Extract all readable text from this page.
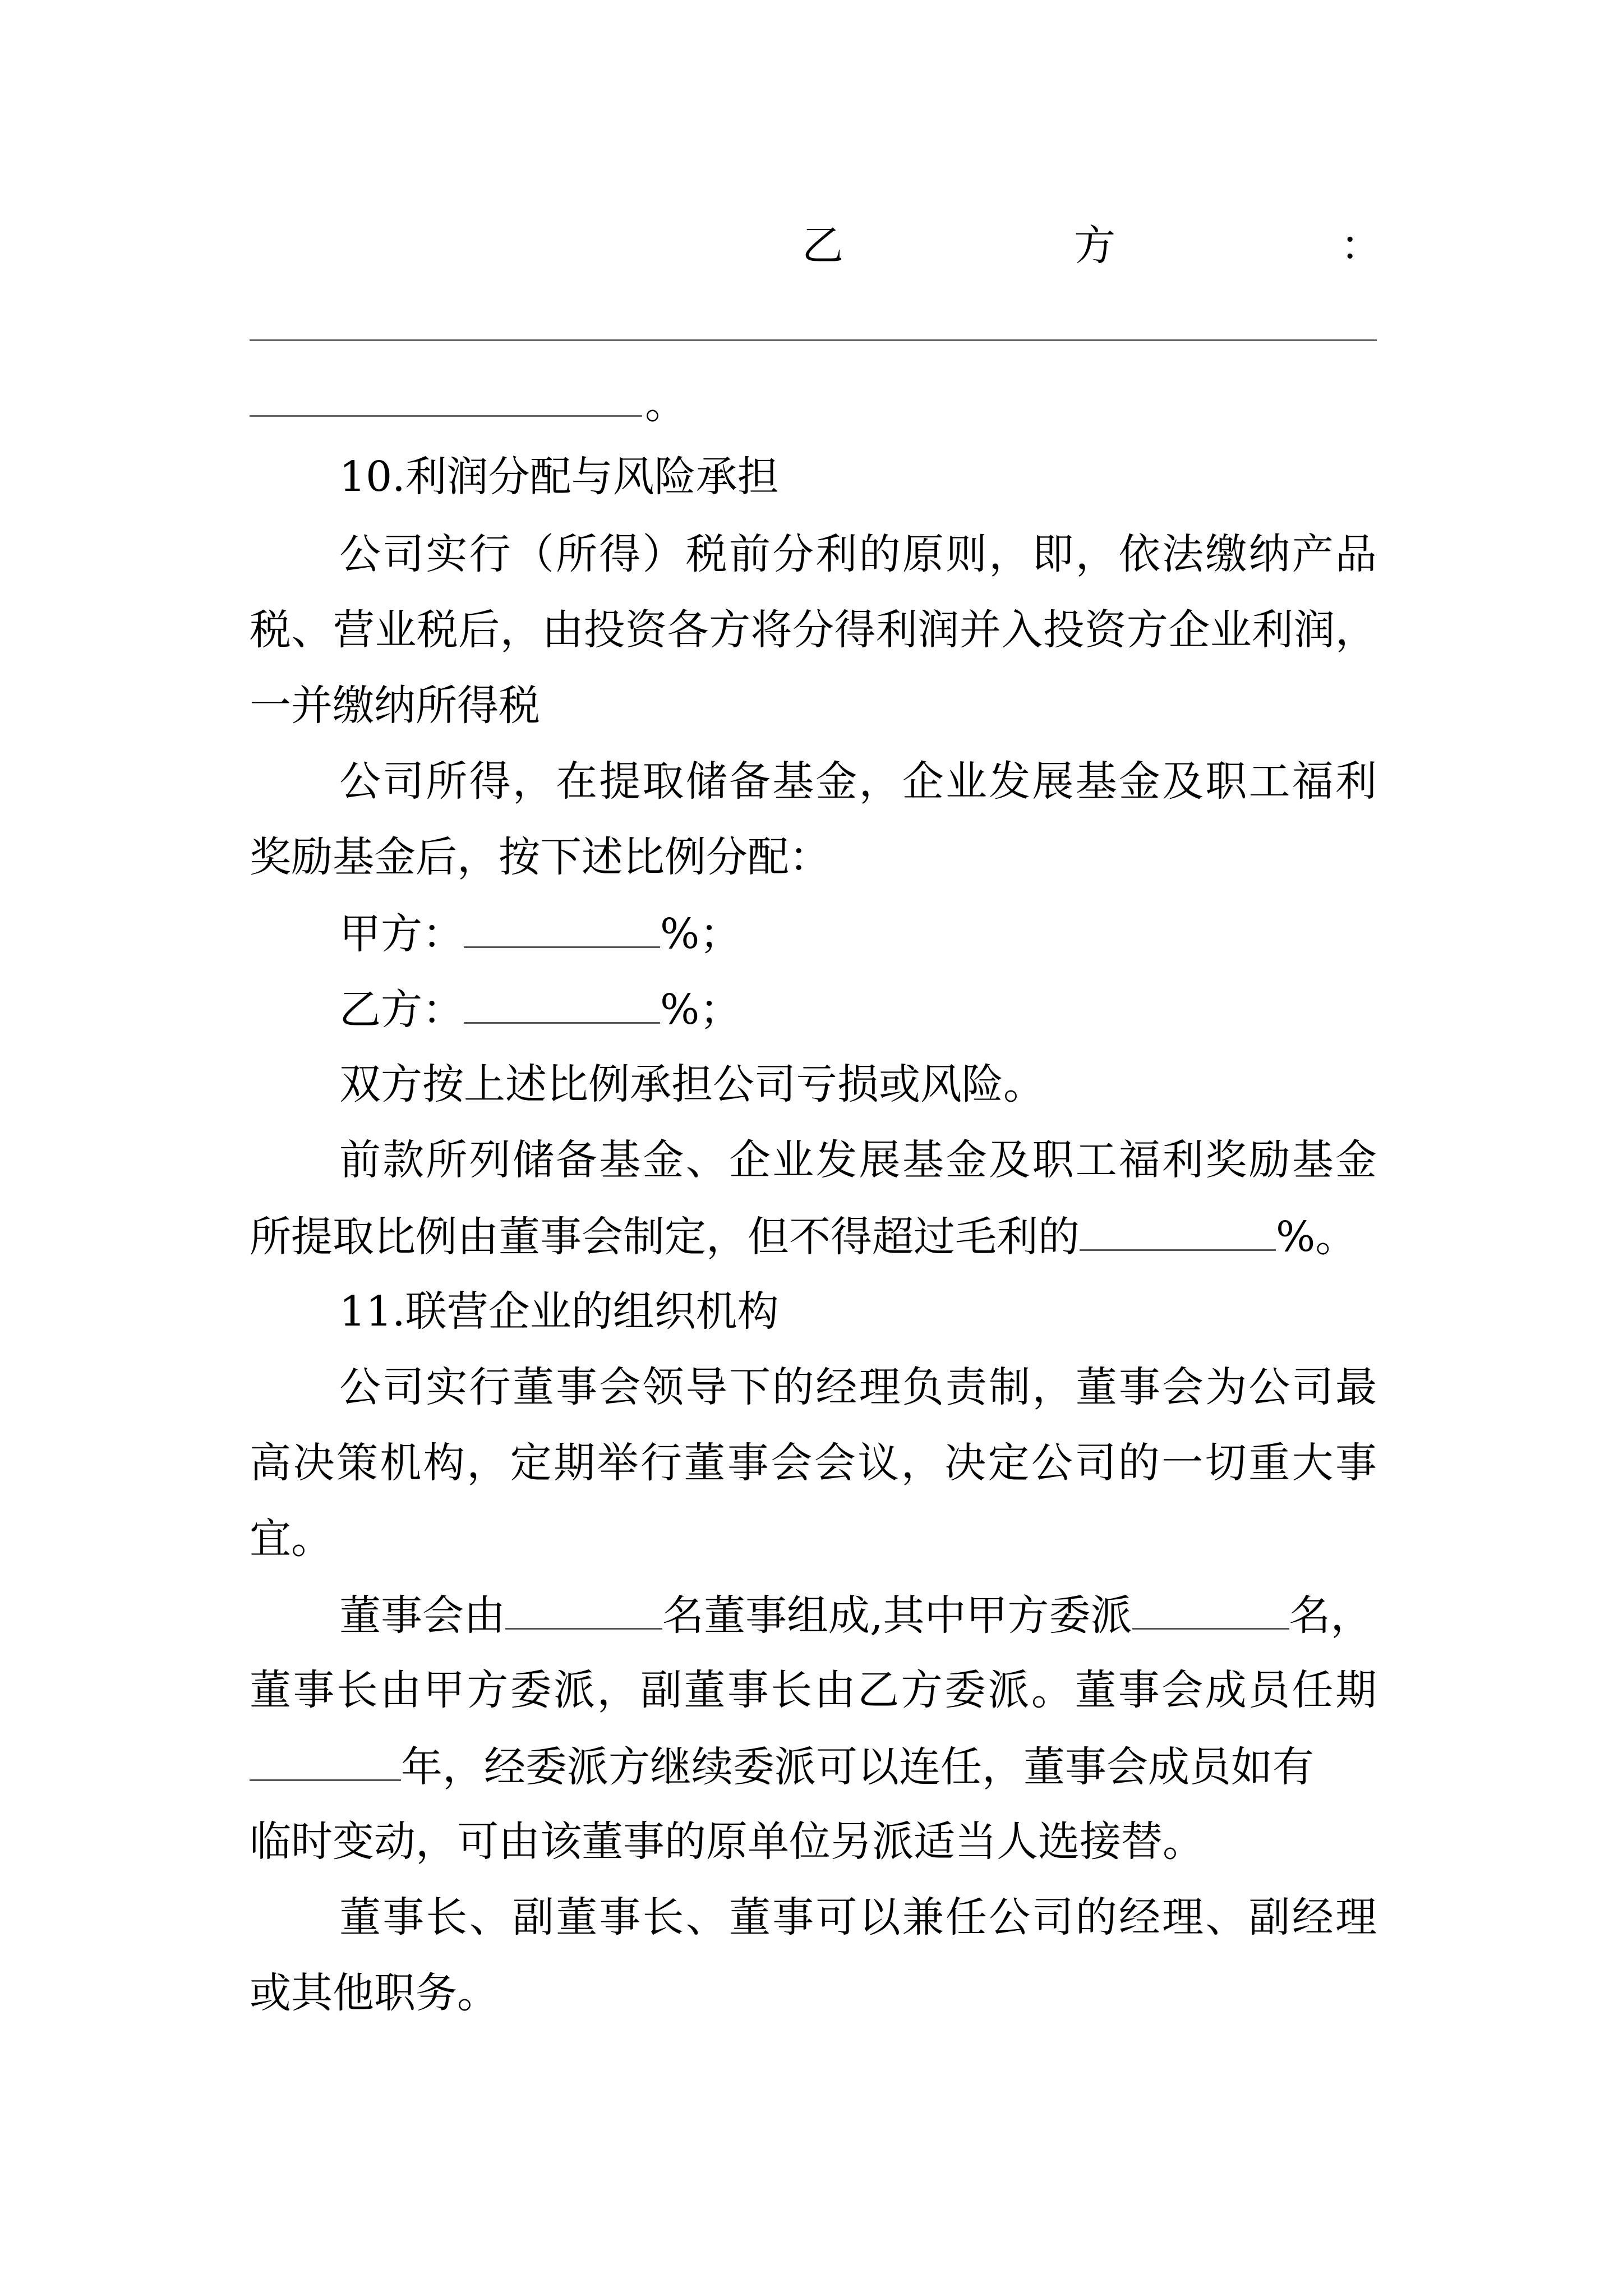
乙	方	：
。
10.利润分配与风险承担
公司实行（所得）税前分利的原则，即，依法缴纳产品
税、营业税后，由投资各方将分得利润并入投资方企业利润，
一并缴纳所得税
公司所得，在提取储备基金，企业发展基金及职工福利
奖励基金后，按下述比例分配：
甲方：	%；
乙方：	%；
双方按上述比例承担公司亏损或风险。
前款所列储备基金、企业发展基金及职工福利奖励基金
所提取比例由董事会制定，但不得超过毛利的	%。
11.联营企业的组织机构
公司实行董事会领导下的经理负责制，董事会为公司最
高决策机构，定期举行董事会会议，决定公司的一切重大事
宜。
董事会由	名董事组成,其中甲方委派	名，
董事长由甲方委派，副董事长由乙方委派。董事会成员任期
年，经委派方继续委派可以连任，董事会成员如有
临时变动，可由该董事的原单位另派适当人选接替。
董事长、副董事长、董事可以兼任公司的经理、副经理
或其他职务。
